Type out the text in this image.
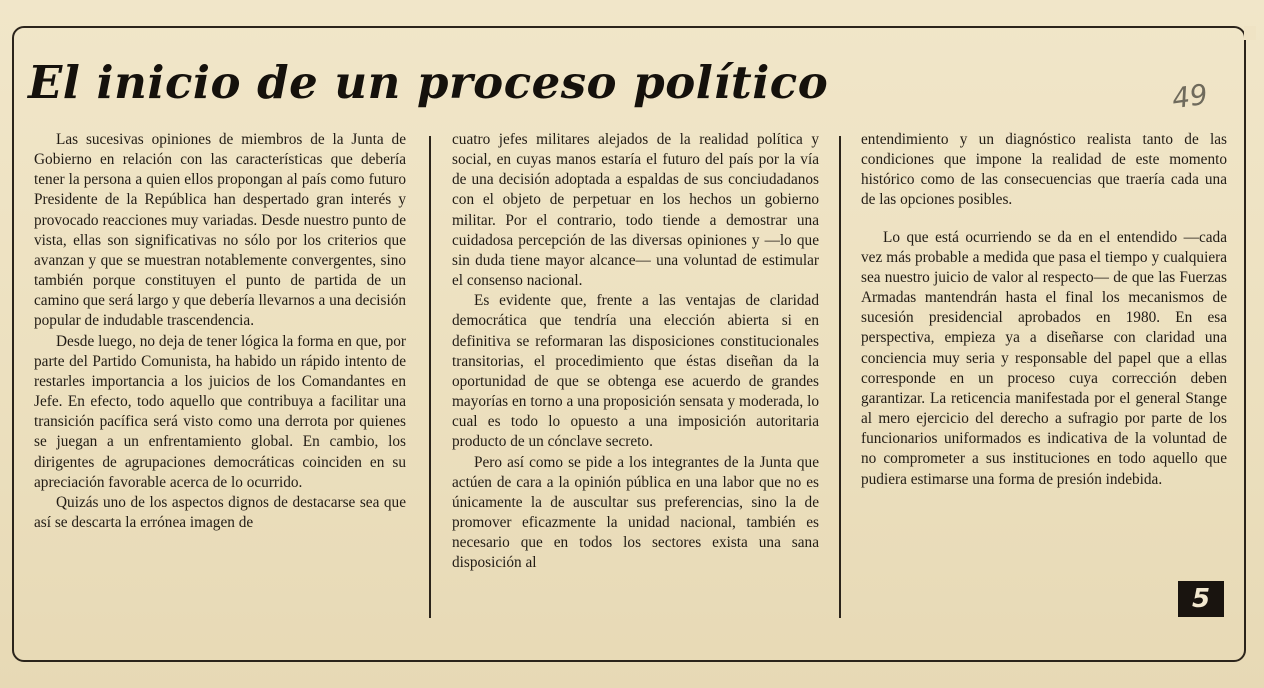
El inicio de un proceso político	49

Las sucesivas opiniones de miembros de la Junta de Gobierno en relación con las características que debería tener la persona a quien ellos propongan al país como futuro Presidente de la República han despertado gran interés y provocado reacciones muy variadas. Desde nuestro punto de vista, ellas son significativas no sólo por los criterios que avanzan y que se muestran notablemente convergentes, sino también porque constituyen el punto de partida de un camino que será largo y que debería llevarnos a una decisión popular de indudable trascendencia.

Desde luego, no deja de tener lógica la forma en que, por parte del Partido Comunista, ha habido un rápido intento de restarles importancia a los juicios de los Comandantes en Jefe. En efecto, todo aquello que contribuya a facilitar una transición pacífica será visto como una derrota por quienes se juegan a un enfrentamiento global. En cambio, los dirigentes de agrupaciones democráticas coinciden en su apreciación favorable acerca de lo ocurrido.

Quizás uno de los aspectos dignos de destacarse sea que así se descarta la errónea imagen de

cuatro jefes militares alejados de la realidad política y social, en cuyas manos estaría el futuro del país por la vía de una decisión adoptada a espaldas de sus conciudadanos con el objeto de perpetuar en los hechos un gobierno militar. Por el contrario, todo tiende a demostrar una cuidadosa percepción de las diversas opiniones y —lo que sin duda tiene mayor alcance— una voluntad de estimular el consenso nacional.

Es evidente que, frente a las ventajas de claridad democrática que tendría una elección abierta si en definitiva se reformaran las disposiciones constitucionales transitorias, el procedimiento que éstas diseñan da la oportunidad de que se obtenga ese acuerdo de grandes mayorías en torno a una proposición sensata y moderada, lo cual es todo lo opuesto a una imposición autoritaria producto de un cónclave secreto.

Pero así como se pide a los integrantes de la Junta que actúen de cara a la opinión pública en una labor que no es únicamente la de auscultar sus preferencias, sino la de promover eficazmente la unidad nacional, también es necesario que en todos los sectores exista una sana disposición al

entendimiento y un diagnóstico realista tanto de las condiciones que impone la realidad de este momento histórico como de las consecuencias que traería cada una de las opciones posibles.

Lo que está ocurriendo se da en el entendido —cada vez más probable a medida que pasa el tiempo y cualquiera sea nuestro juicio de valor al respecto— de que las Fuerzas Armadas mantendrán hasta el final los mecanismos de sucesión presidencial aprobados en 1980. En esa perspectiva, empieza ya a diseñarse con claridad una conciencia muy seria y responsable del papel que a ellas corresponde en un proceso cuya corrección deben garantizar. La reticencia manifestada por el general Stange al mero ejercicio del derecho a sufragio por parte de los funcionarios uniformados es indicativa de la voluntad de no comprometer a sus instituciones en todo aquello que pudiera estimarse una forma de presión indebida.

5
